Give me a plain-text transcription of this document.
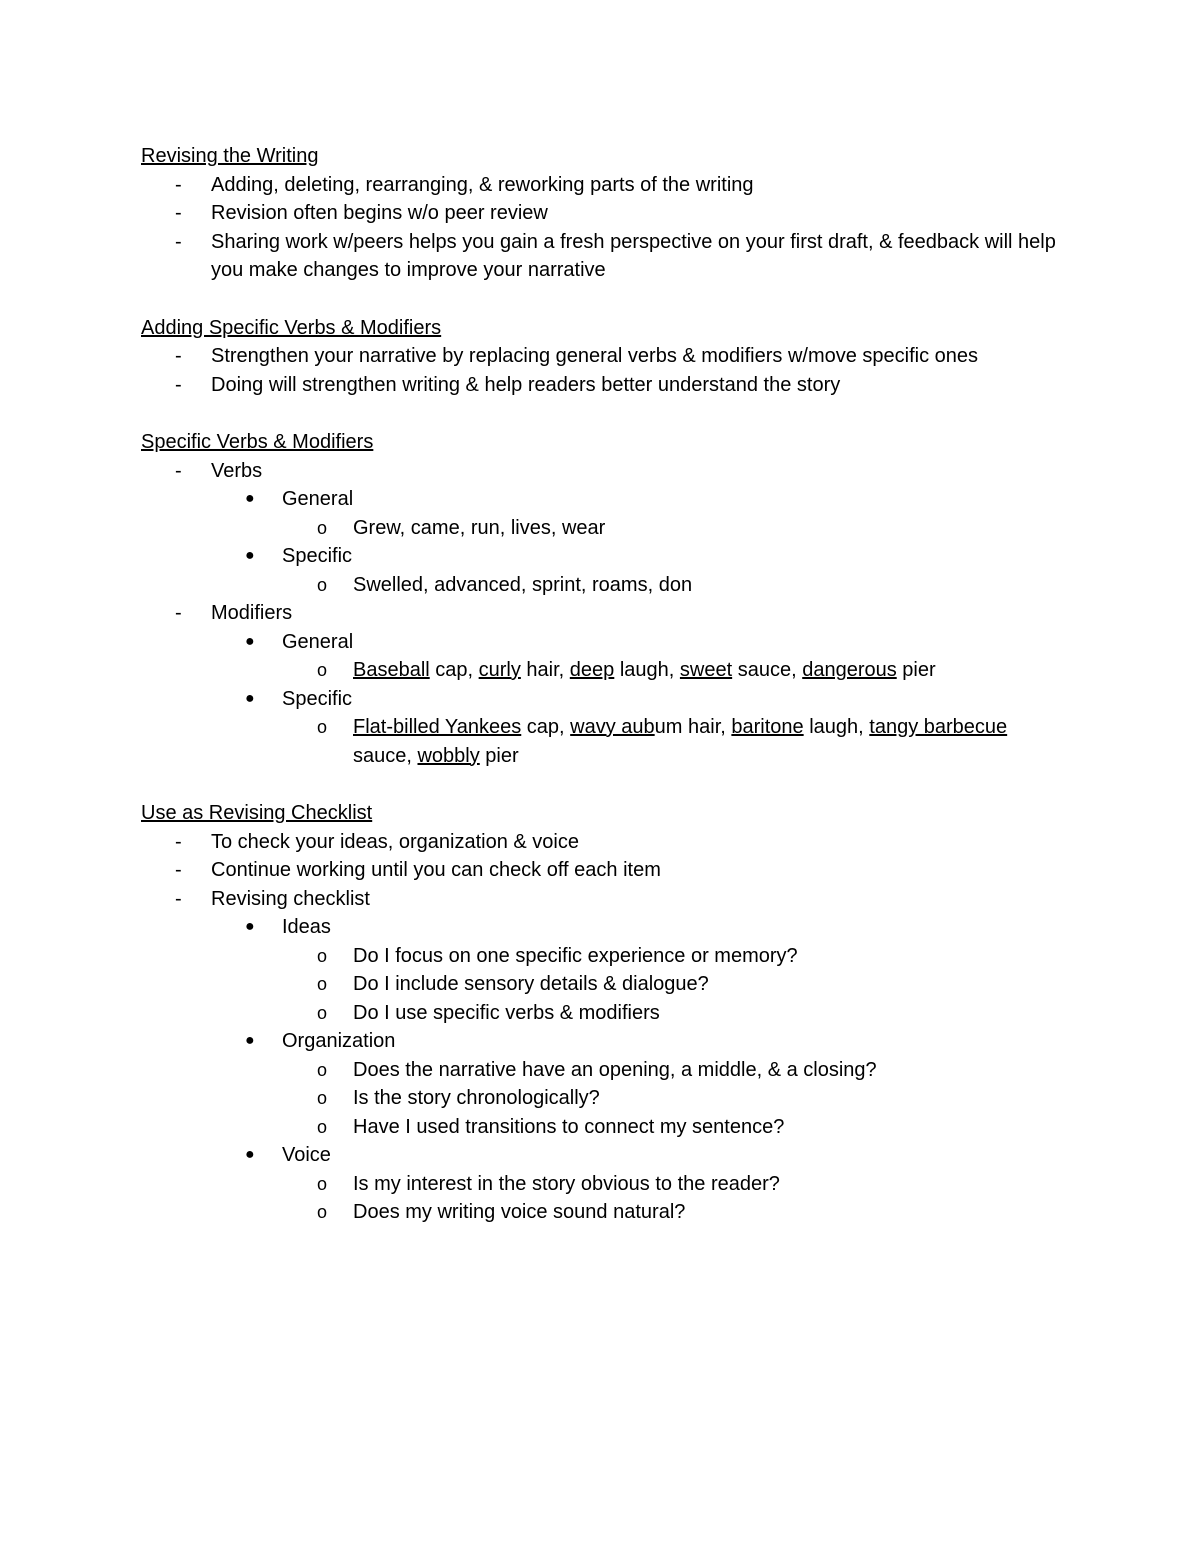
Revising the Writing
- Adding, deleting, rearranging, & reworking parts of the writing
- Revision often begins w/o peer review
- Sharing work w/peers helps you gain a fresh perspective on your first draft, & feedback will help you make changes to improve your narrative
Adding Specific Verbs & Modifiers
- Strengthen your narrative by replacing general verbs & modifiers w/move specific ones
- Doing will strengthen writing & help readers better understand the story
Specific Verbs & Modifiers
- Verbs
● General
o Grew, came, run, lives, wear
● Specific
o Swelled, advanced, sprint, roams, don
- Modifiers
● General
o Baseball cap, curly hair, deep laugh, sweet sauce, dangerous pier
● Specific
o Flat-billed Yankees cap, wavy aubum hair, baritone laugh, tangy barbecue sauce, wobbly pier
Use as Revising Checklist
- To check your ideas, organization & voice
- Continue working until you can check off each item
- Revising checklist
● Ideas
o Do I focus on one specific experience or memory?
o Do I include sensory details & dialogue?
o Do I use specific verbs & modifiers
● Organization
o Does the narrative have an opening, a middle, & a closing?
o Is the story chronologically?
o Have I used transitions to connect my sentence?
● Voice
o Is my interest in the story obvious to the reader?
o Does my writing voice sound natural?
